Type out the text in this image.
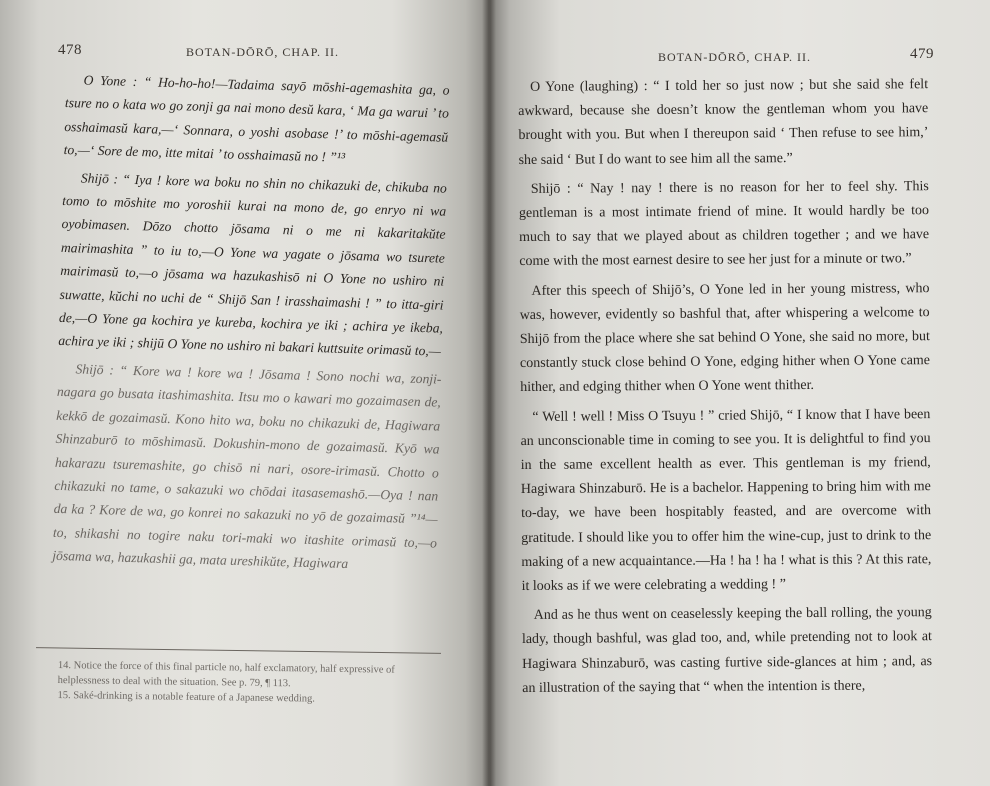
478	BOTAN-DŌRŌ, CHAP. II.

O Yone : “ Ho-ho-ho!—Tadaima sayō mōshi-agemashita ga, o tsure no o kata wo go zonji ga nai mono desŭ kara, ‘ Ma ga warui ’ to osshaimasŭ kara,—‘ Sonnara, o yoshi asobase !’ to mōshi-agemasŭ to,—‘ Sore de mo, itte mitai ’ to osshaimasŭ no ! ”¹³

Shijō : “ Iya ! kore wa boku no shin no chikazuki de, chikuba no tomo to mōshite mo yoroshii kurai na mono de, go enryo ni wa oyobimasen. Dōzo chotto jōsama ni o me ni kakaritakŭte mairimashita ” to iu to,—O Yone wa yagate o jōsama wo tsurete mairimasŭ to,—o jōsama wa hazukashisō ni O Yone no ushiro ni suwatte, kŭchi no uchi de “ Shijō San ! irasshaimashi ! ” to itta-giri de,—O Yone ga kochira ye kureba, kochira ye iki ; achira ye ikeba, achira ye iki ; shijū O Yone no ushiro ni bakari kuttsuite orimasŭ to,—

Shijō : “ Kore wa ! kore wa ! Jōsama ! Sono nochi wa, zonji-nagara go busata itashimashita. Itsu mo o kawari mo gozaimasen de, kekkō de gozaimasŭ. Kono hito wa, boku no chikazuki de, Hagiwara Shinzaburō to mōshimasŭ. Dokushin-mono de gozaimasŭ. Kyō wa hakarazu tsuremashite, go chisō ni nari, osore-irimasŭ. Chotto o chikazuki no tame, o sakazuki wo chōdai itasasemashō.—Oya ! nan da ka ? Kore de wa, go konrei no sakazuki no yō de gozaimasŭ ”¹⁴—to, shikashi no togire naku tori-maki wo itashite orimasŭ to,—o jōsama wa, hazukashii ga, mata ureshikŭte, Hagiwara

14. Notice the force of this final particle no, half exclamatory, half expressive of helplessness to deal with the situation. See p. 79, ¶ 113.

15. Saké-drinking is a notable feature of a Japanese wedding.

BOTAN-DŌRŌ, CHAP. II.	479

O Yone (laughing) : “ I told her so just now ; but she said she felt awkward, because she doesn’t know the gentleman whom you have brought with you. But when I thereupon said ‘ Then refuse to see him,’ she said ‘ But I do want to see him all the same.”

Shijō : “ Nay ! nay ! there is no reason for her to feel shy. This gentleman is a most intimate friend of mine. It would hardly be too much to say that we played about as children together ; and we have come with the most earnest desire to see her just for a minute or two.”

After this speech of Shijō’s, O Yone led in her young mistress, who was, however, evidently so bashful that, after whispering a welcome to Shijō from the place where she sat behind O Yone, she said no more, but constantly stuck close behind O Yone, edging hither when O Yone came hither, and edging thither when O Yone went thither.

“ Well ! well ! Miss O Tsuyu ! ” cried Shijō, “ I know that I have been an unconscionable time in coming to see you. It is delightful to find you in the same excellent health as ever. This gentleman is my friend, Hagiwara Shinzaburō. He is a bachelor. Happening to bring him with me to-day, we have been hospitably feasted, and are overcome with gratitude. I should like you to offer him the wine-cup, just to drink to the making of a new acquaintance.—Ha ! ha ! ha ! what is this ? At this rate, it looks as if we were celebrating a wedding ! ”

And as he thus went on ceaselessly keeping the ball rolling, the young lady, though bashful, was glad too, and, while pretending not to look at Hagiwara Shinzaburō, was casting furtive side-glances at him ; and, as an illustration of the saying that “ when the intention is there,
